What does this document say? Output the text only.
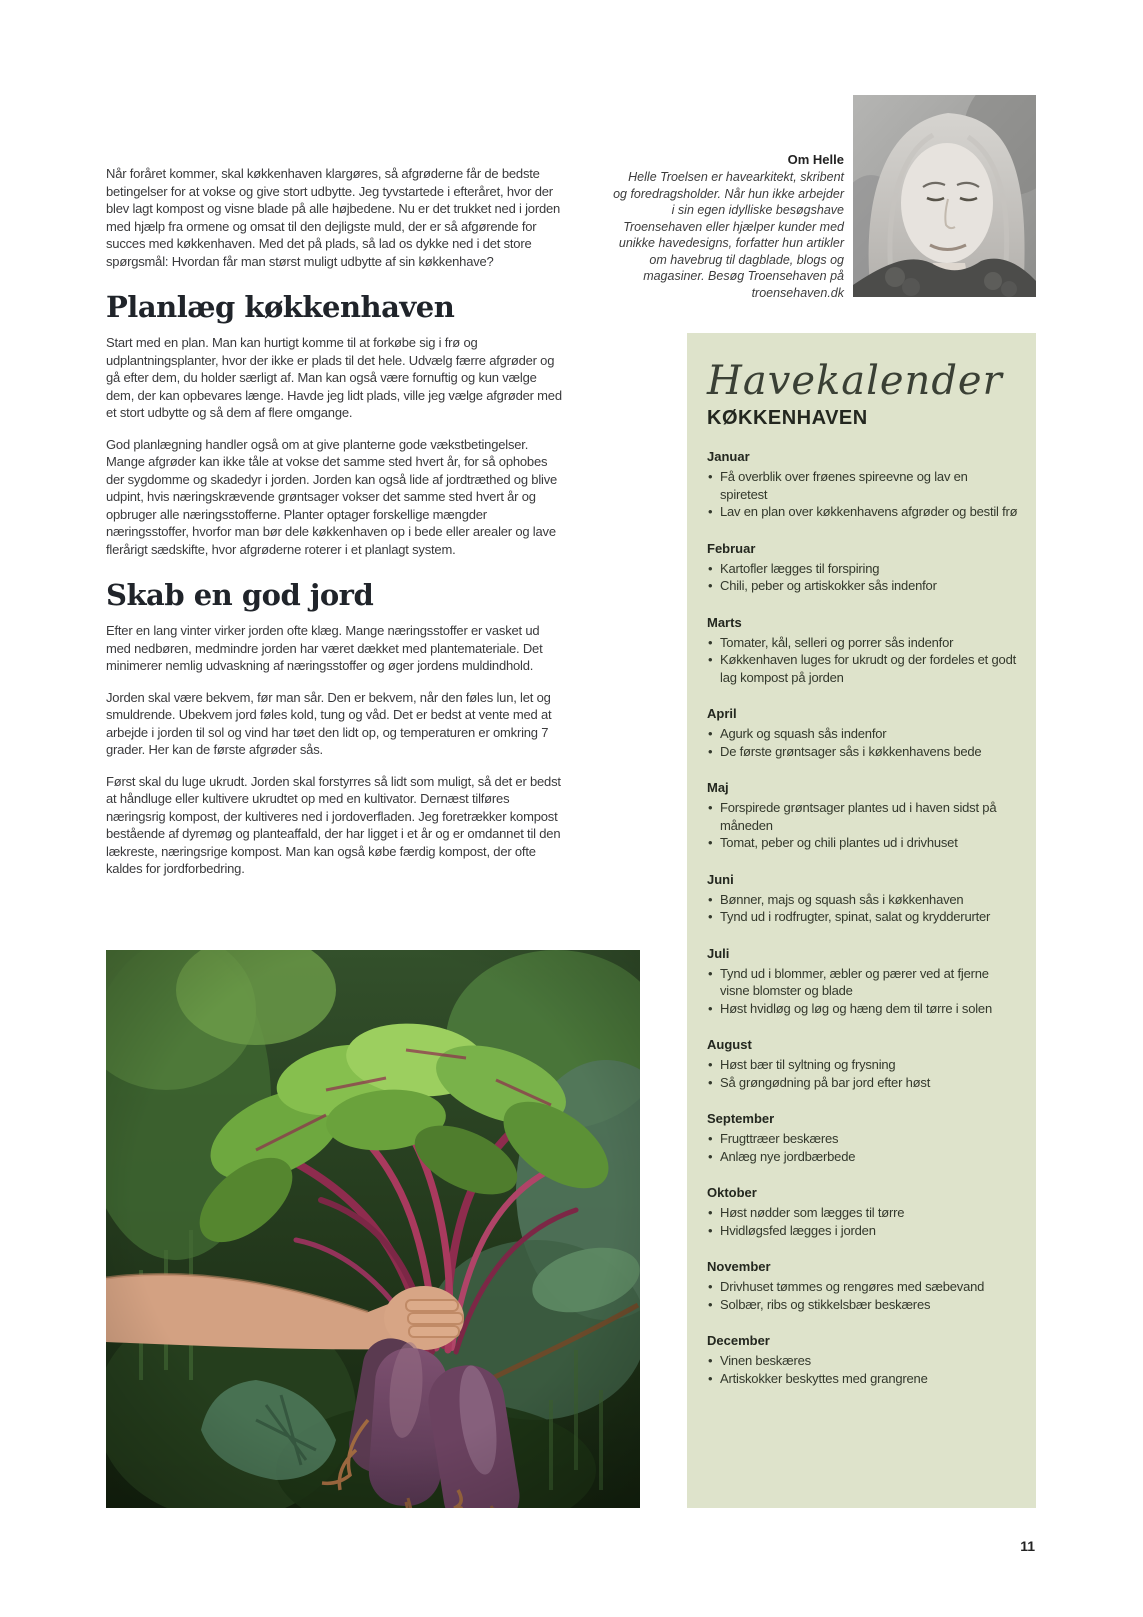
Når foråret kommer, skal køkkenhaven klargøres, så afgrøderne får de bedste betingelser for at vokse og give stort udbytte. Jeg tyvstartede i efteråret, hvor der blev lagt kompost og visne blade på alle højbedene. Nu er det trukket ned i jorden med hjælp fra ormene og omsat til den dejligste muld, der er så afgørende for succes med køkkenhaven. Med det på plads, så lad os dykke ned i det store spørgsmål: Hvordan får man størst muligt udbytte af sin køkkenhave?

Planlæg køkkenhaven

Start med en plan. Man kan hurtigt komme til at forkøbe sig i frø og udplantningsplanter, hvor der ikke er plads til det hele. Udvælg færre afgrøder og gå efter dem, du holder særligt af. Man kan også være fornuftig og kun vælge dem, der kan opbevares længe. Havde jeg lidt plads, ville jeg vælge afgrøder med et stort udbytte og så dem af flere omgange.

God planlægning handler også om at give planterne gode vækstbetingelser. Mange afgrøder kan ikke tåle at vokse det samme sted hvert år, for så ophobes der sygdomme og skadedyr i jorden. Jorden kan også lide af jordtræthed og blive udpint, hvis næringskrævende grøntsager vokser det samme sted hvert år og opbruger alle næringsstofferne. Planter optager forskellige mængder næringsstoffer, hvorfor man bør dele køkkenhaven op i bede eller arealer og lave flerårigt sædskifte, hvor afgrøderne roterer i et planlagt system.

Skab en god jord

Efter en lang vinter virker jorden ofte klæg. Mange næringsstoffer er vasket ud med nedbøren, medmindre jorden har været dækket med plantemateriale. Det minimerer nemlig udvaskning af næringsstoffer og øger jordens muldindhold.

Jorden skal være bekvem, før man sår. Den er bekvem, når den føles lun, let og smuldrende. Ubekvem jord føles kold, tung og våd. Det er bedst at vente med at arbejde i jorden til sol og vind har tøet den lidt op, og temperaturen er omkring 7 grader. Her kan de første afgrøder sås.

Først skal du luge ukrudt. Jorden skal forstyrres så lidt som muligt, så det er bedst at håndluge eller kultivere ukrudtet op med en kultivator. Dernæst tilføres næringsrig kompost, der kultiveres ned i jordoverfladen. Jeg foretrækker kompost bestående af dyremøg og planteaffald, der har ligget i et år og er omdannet til den lækreste, næringsrige kompost. Man kan også købe færdig kompost, der ofte kaldes for jordforbedring.

Om Helle

Helle Troelsen er havearkitekt, skribent og foredragsholder. Når hun ikke arbejder i sin egen idylliske besøgshave Troensehaven eller hjælper kunder med unikke havedesigns, forfatter hun artikler om havebrug til dagblade, blogs og magasiner. Besøg Troensehaven på troensehaven.dk

Havekalender
KØKKENHAVEN
Januar
• Få overblik over frøenes spireevne og lav en spiretest
• Lav en plan over køkkenhavens afgrøder og bestil frø
Februar
• Kartofler lægges til forspiring
• Chili, peber og artiskokker sås indenfor
Marts
• Tomater, kål, selleri og porrer sås indenfor
• Køkkenhaven luges for ukrudt og der fordeles et godt lag kompost på jorden
April
• Agurk og squash sås indenfor
• De første grøntsager sås i køkkenhavens bede
Maj
• Forspirede grøntsager plantes ud i haven sidst på måneden
• Tomat, peber og chili plantes ud i drivhuset
Juni
• Bønner, majs og squash sås i køkkenhaven
• Tynd ud i rodfrugter, spinat, salat og krydderurter
Juli
• Tynd ud i blommer, æbler og pærer ved at fjerne visne blomster og blade
• Høst hvidløg og løg og hæng dem til tørre i solen
August
• Høst bær til syltning og frysning
• Så grøngødning på bar jord efter høst
September
• Frugttræer beskæres
• Anlæg nye jordbærbede
Oktober
• Høst nødder som lægges til tørre
• Hvidløgsfed lægges i jorden
November
• Drivhuset tømmes og rengøres med sæbevand
• Solbær, ribs og stikkelsbær beskæres
December
• Vinen beskæres
• Artiskokker beskyttes med grangrene
11
